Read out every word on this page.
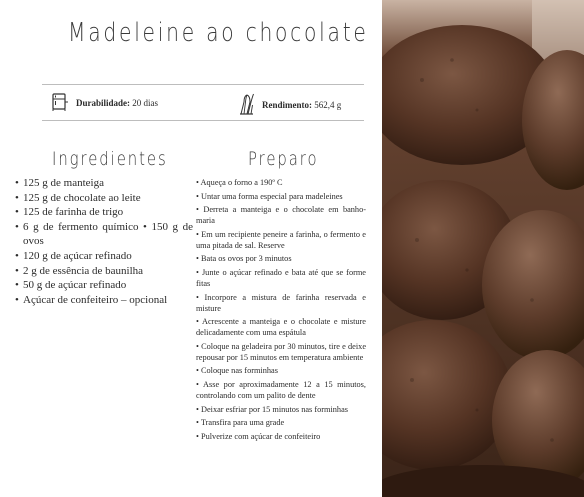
Madeleine ao chocolate
Durabilidade: 20 dias	Rendimento: 562,4 g
Ingredientes	Preparo
• 125 g de manteiga
• 125 g de chocolate ao leite
• 125 de farinha de trigo
• 6 g de fermento químico • 150 g de ovos
• 120 g de açúcar refinado
• 2 g de essência de baunilha
• 50 g de açúcar refinado
• Açúcar de confeiteiro – opcional
• Aqueça o forno a 190º C
• Untar uma forma especial para madeleines
• Derreta a manteiga e o chocolate em banho-maria
• Em um recipiente peneire a farinha, o fermento e uma pitada de sal. Reserve
• Bata os ovos por 3 minutos
• Junte o açúcar refinado e bata até que se forme fitas
• Incorpore a mistura de farinha reservada e misture
• Acrescente a manteiga e o chocolate e misture delicadamente com uma espátula
• Coloque na geladeira por 30 minutos, tire e deixe repousar por 15 minutos em temperatura ambiente
• Coloque nas forminhas
• Asse por aproximadamente 12 a 15 minutos, controlando com um palito de dente
• Deixar esfriar por 15 minutos nas forminhas
• Transfira para uma grade
• Pulverize com açúcar de confeiteiro
